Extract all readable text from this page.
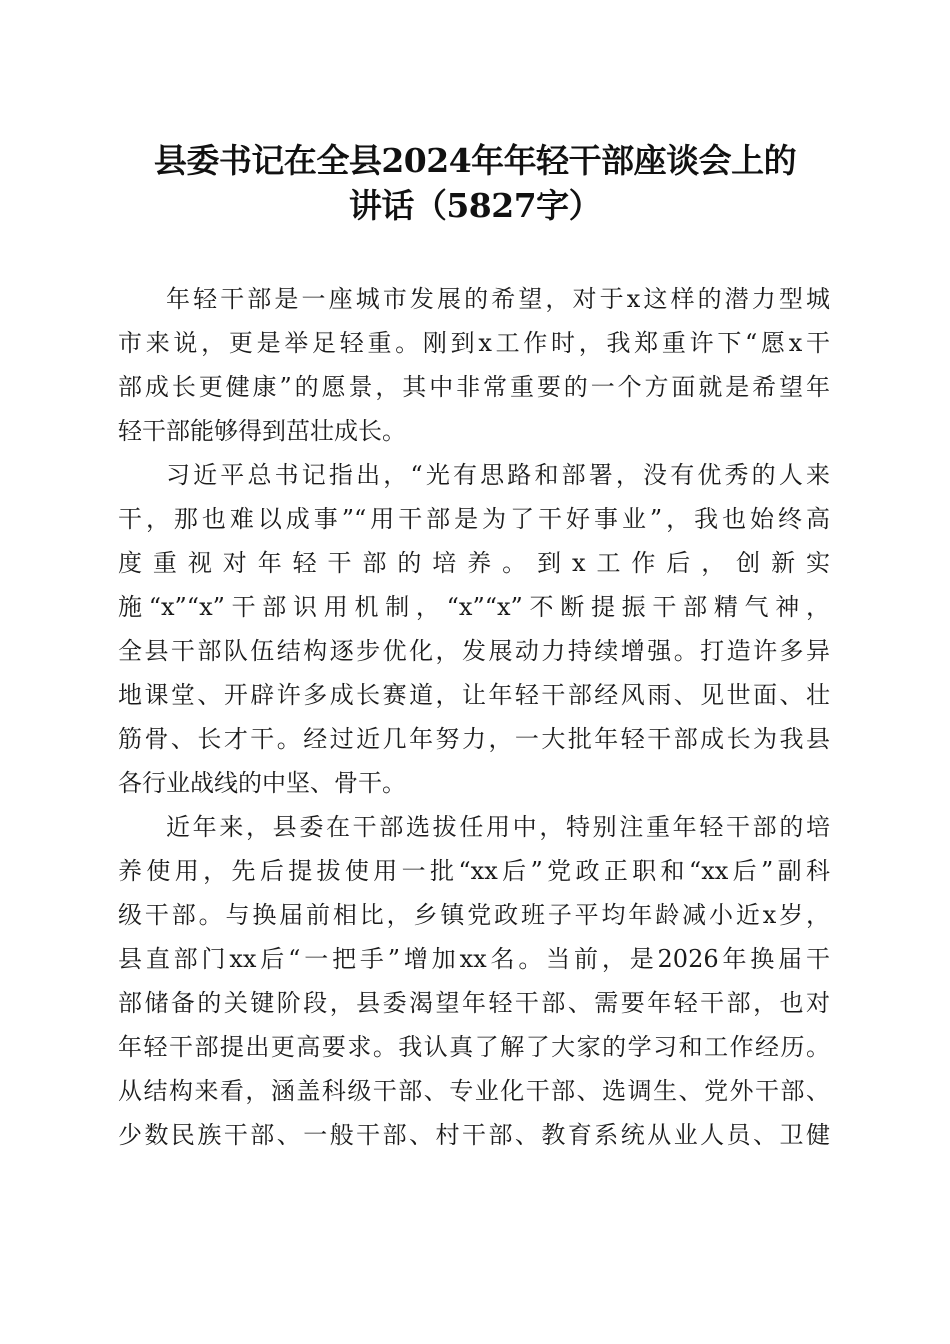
县委书记在全县2024年年轻干部座谈会上的
讲话（5827字）
年轻干部是一座城市发展的希望，对于x这样的潜力型城
市来说，更是举足轻重。刚到x工作时，我郑重许下“愿x干
部成长更健康”的愿景，其中非常重要的一个方面就是希望年
轻干部能够得到茁壮成长。
习近平总书记指出，“光有思路和部署，没有优秀的人来
干，那也难以成事”“用干部是为了干好事业”，我也始终高
度重视对年轻干部的培养。到x工作后，创新实
施“x”“x”干部识用机制，“x”“x”不断提振干部精气神，
全县干部队伍结构逐步优化，发展动力持续增强。打造许多异
地课堂、开辟许多成长赛道，让年轻干部经风雨、见世面、壮
筋骨、长才干。经过近几年努力，一大批年轻干部成长为我县
各行业战线的中坚、骨干。
近年来，县委在干部选拔任用中，特别注重年轻干部的培
养使用，先后提拔使用一批“xx后”党政正职和“xx后”副科
级干部。与换届前相比，乡镇党政班子平均年龄减小近x岁，
县直部门xx后“一把手”增加xx名。当前，是2026年换届干
部储备的关键阶段，县委渴望年轻干部、需要年轻干部，也对
年轻干部提出更高要求。我认真了解了大家的学习和工作经历。
从结构来看，涵盖科级干部、专业化干部、选调生、党外干部、
少数民族干部、一般干部、村干部、教育系统从业人员、卫健
